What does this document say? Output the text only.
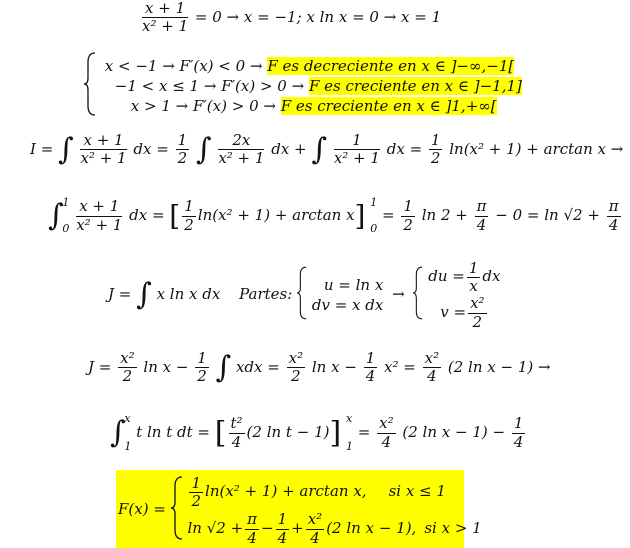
$\frac{x + 1}{\text{x² + 1}} = 0 \to x = -1$; x ln x = 0 → x = 1

x < −1 → F′(x) < 0 → F es decreciente en x ∈ ]−∞,−1[
−1 < x ≤ 1 → F′(x) > 0 → F es creciente en x ∈ ]−1,1]
x > 1 → F′(x) > 0 → F es creciente en x ∈ ]1,+∞[
I = ∫ $\frac{x + 1}{\text{x² + 1}}$ dx = $\frac{1}{2}$ ∫ $\frac{2x}{\text{x² + 1}}$ dx + ∫ $\frac{1}{\text{x² + 1}}$ dx = $\frac{1}{2} \ln(x^2 + 1) + \arctan x$ →
∫
1
0
$\frac{x + 1}{\text{x² + 1}}$ dx = [ $\frac{1}{2} \ln(x^2 + 1) + \arctan x$] 1
0
= $\frac{1}{2}$ $\ln 2 + \frac{\pi}{4} - 0 = \ln √2 + \frac{\pi}{4}$
J = ∫ x ln x dx Partes:	u = ln x
dv = x dx
→
du = $\frac{1}{x}$ dx
$v = \frac{\text{x²}}{2}$
$J = \frac{\text{x²}}{2}$ $\ln x - \frac{1}{2}$ ∫ xdx = $\frac{\text{x²}}{2}$ $\ln x - \frac{1}{4} x^2 = \frac{\text{x²}}{4} (2$ ln x − 1) →
∫
x
1
t ln t dt = [ $\frac{\text{t²}}{4} (2$ ln t − 1)] x
1
= $\frac{\text{x²}}{4} (2$ $\ln x - 1) - \frac{1}{4}$
$F(x) = \frac{1}{2} \ln(x^2 + 1) + \arctan x$, si x ≤ 1
$\ln √2 + \frac{\pi}{4} - \frac{1}{4} + \frac{\text{x²}}{4} (2$ ln x − 1), si x > 1
